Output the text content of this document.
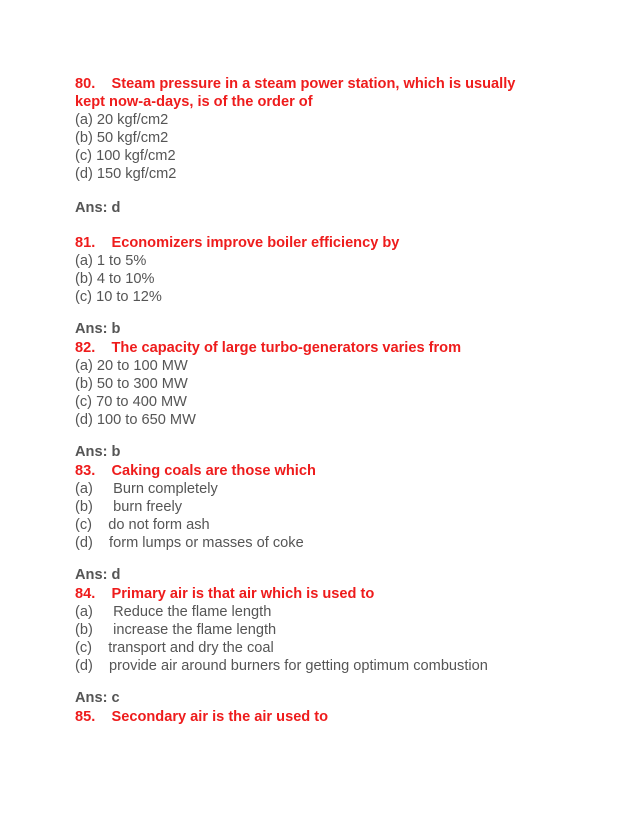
80.    Steam pressure in a steam power station, which is usually
kept now-a-days, is of the order of
(a) 20 kgf/cm2
(b) 50 kgf/cm2
(c) 100 kgf/cm2
(d) 150 kgf/cm2
Ans: d
81.    Economizers improve boiler efficiency by
(a) 1 to 5%
(b) 4 to 10%
(c) 10 to 12%
Ans: b
82.    The capacity of large turbo-generators varies from
(a) 20 to 100 MW
(b) 50 to 300 MW
(c) 70 to 400 MW
(d) 100 to 650 MW
Ans: b
83.    Caking coals are those which
(a)     Burn completely
(b)     burn freely
(c)    do not form ash
(d)    form lumps or masses of coke
Ans: d
84.    Primary air is that air which is used to
(a)     Reduce the flame length
(b)     increase the flame length
(c)    transport and dry the coal
(d)    provide air around burners for getting optimum combustion
Ans: c
85.    Secondary air is the air used to
